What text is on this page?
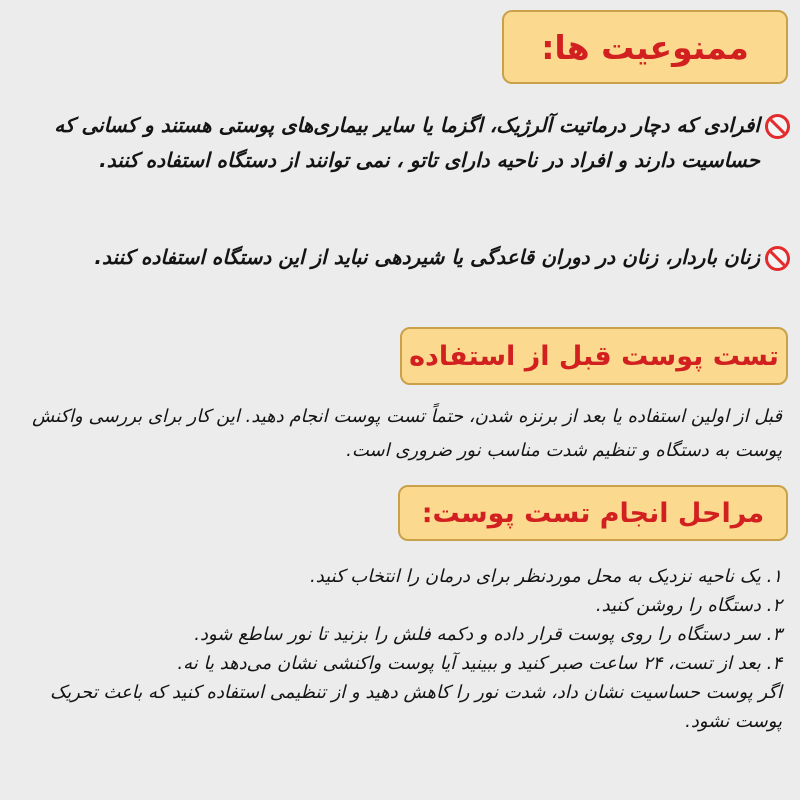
ممنوعیت ها:
افرادی که دچار درماتیت آلرژیک، اگزما یا سایر بیماری‌های پوستی هستند و کسانی که حساسیت دارند و افراد در ناحیه دارای تاتو ، نمی توانند از دستگاه استفاده کنند.
زنان باردار، زنان در دوران قاعدگی یا شیردهی نباید از این دستگاه استفاده کنند.
تست پوست قبل از استفاده

قبل از اولین استفاده یا بعد از برنزه شدن، حتماً تست پوست انجام دهید. این کار برای بررسی واکنش پوست به دستگاه و تنظیم شدت مناسب نور ضروری است.

مراحل انجام تست پوست:
۱. یک ناحیه نزدیک به محل موردنظر برای درمان را انتخاب کنید.
۲. دستگاه را روشن کنید.
۳. سر دستگاه را روی پوست قرار داده و دکمه فلش را بزنید تا نور ساطع شود.
۴. بعد از تست، ۲۴ ساعت صبر کنید و ببینید آیا پوست واکنشی نشان می‌دهد یا نه.
اگر پوست حساسیت نشان داد، شدت نور را کاهش دهید و از تنظیمی استفاده کنید که باعث تحریک پوست نشود.
